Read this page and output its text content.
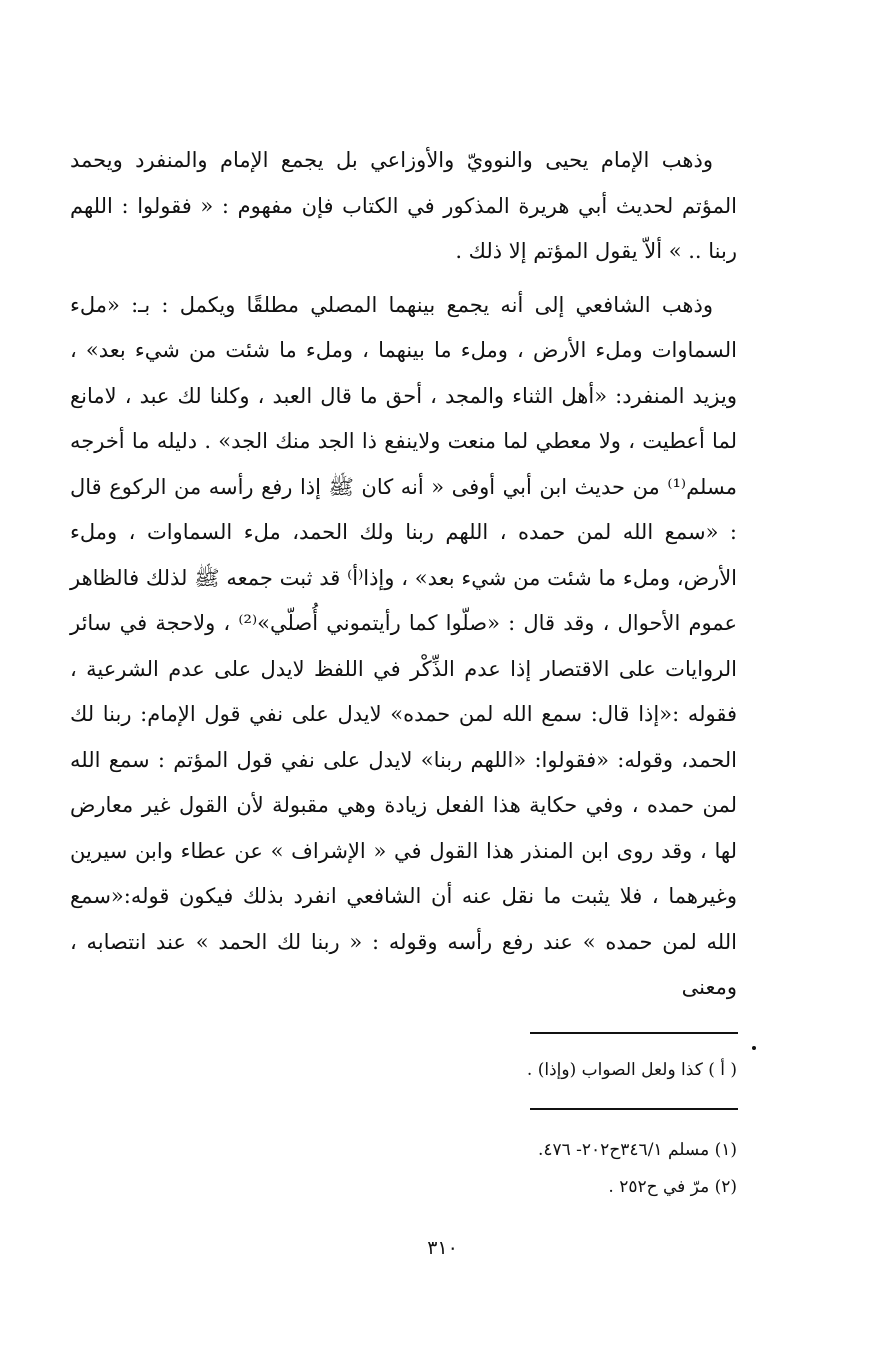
وذهب الإمام يحيى والنوويّ والأوزاعي بل يجمع الإمام والمنفرد ويحمد المؤتم لحديث أبي هريرة المذكور في الكتاب فإن مفهوم : « فقولوا : اللهم ربنا .. » ألاّ يقول المؤتم إلا ذلك .

وذهب الشافعي إلى أنه يجمع بينهما المصلي مطلقًا ويكمل : بـ: «ملء السماوات وملء الأرض ، وملء ما بينهما ، وملء ما شئت من شيء بعد» ، ويزيد المنفرد: «أهل الثناء والمجد ، أحق ما قال العبد ، وكلنا لك عبد ، لامانع لما أعطيت ، ولا معطي لما منعت ولاينفع ذا الجد منك الجد» . دليله ما أخرجه مسلم⁽¹⁾ من حديث ابن أبي أوفى « أنه كان ﷺ إذا رفع رأسه من الركوع قال : «سمع الله لمن حمده ، اللهم ربنا ولك الحمد، ملء السماوات ، وملء الأرض، وملء ما شئت من شيء بعد» ، وإذا⁽أ⁾ قد ثبت جمعه ﷺ لذلك فالظاهر عموم الأحوال ، وقد قال : «صلّوا كما رأيتموني أُصلّي»⁽²⁾ ، ولاحجة في سائر الروايات على الاقتصار إذا عدم الذِّكْر في اللفظ لايدل على عدم الشرعية ، فقوله :«إذا قال: سمع الله لمن حمده» لايدل على نفي قول الإمام: ربنا لك الحمد، وقوله: «فقولوا: «اللهم ربنا» لايدل على نفي قول المؤتم : سمع الله لمن حمده ، وفي حكاية هذا الفعل زيادة وهي مقبولة لأن القول غير معارض لها ، وقد روى ابن المنذر هذا القول في « الإشراف » عن عطاء وابن سيرين وغيرهما ، فلا يثبت ما نقل عنه أن الشافعي انفرد بذلك فيكون قوله:«سمع الله لمن حمده » عند رفع رأسه وقوله : « ربنا لك الحمد » عند انتصابه ، ومعنى

( أ ) كذا ولعل الصواب (وإذا) .
(١) مسلم ٣٤٦/١ح٢٠٢- ٤٧٦.
(٢) مرّ في ح٢٥٢ .
٣١٠
